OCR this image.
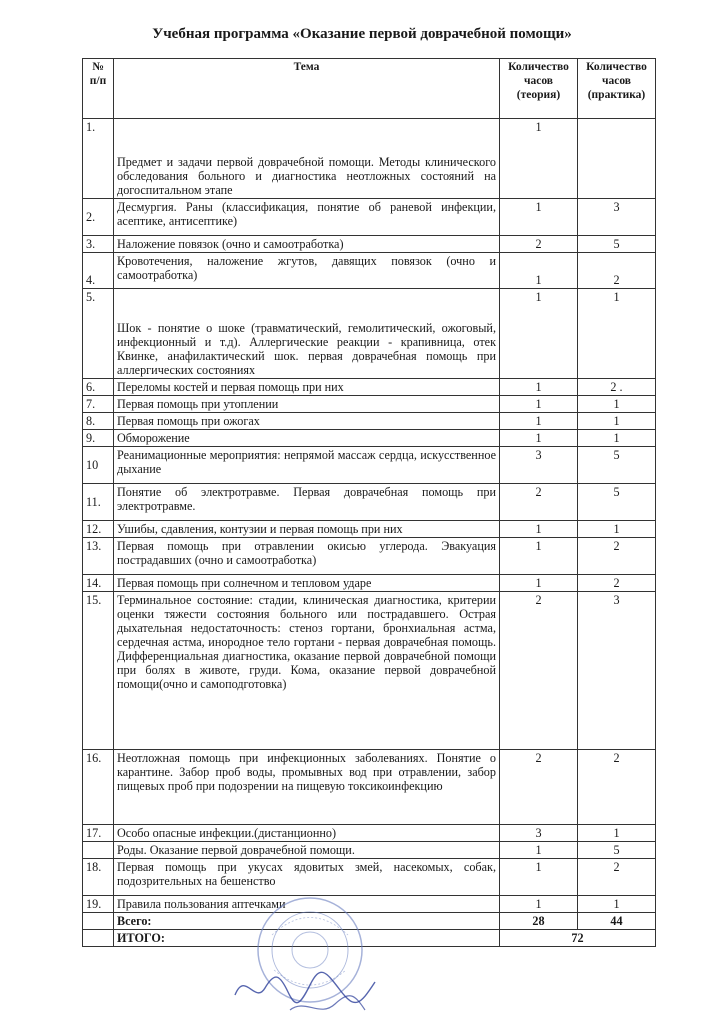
Учебная программа «Оказание первой доврачебной помощи»
№ п/п	Тема	Количество часов (теория)	Количество часов (практика)
1.	Предмет и задачи первой доврачебной помощи. Методы клинического обследования больного и диагностика неотложных состояний на догоспитальном этапе	1	
2.	Десмургия. Раны (классификация, понятие об раневой инфекции, асептике, антисептике)	1	3
3.	Наложение повязок (очно и самоотработка)	2	5
4.	Кровотечения, наложение жгутов, давящих повязок (очно и самоотработка)	1	2
5.	Шок - понятие о шоке (травматический, гемолитический, ожоговый, инфекционный и т.д). Аллергические реакции - крапивница, отек Квинке, анафилактический шок. первая доврачебная помощь при аллергических состояниях	1	1
6.	Переломы костей и первая помощь при них	1	2 .
7.	Первая помощь при утоплении	1	1
8.	Первая помощь при ожогах	1	1
9.	Обморожение	1	1
10	Реанимационные мероприятия: непрямой массаж сердца, искусственное дыхание	3	5
11.	Понятие об электротравме. Первая доврачебная помощь при электротравме.	2	5
12.	Ушибы, сдавления, контузии и первая помощь при них	1	1
13.	Первая помощь при отравлении окисью углерода. Эвакуация пострадавших (очно и самоотработка)	1	2
14.	Первая помощь при солнечном и тепловом ударе	1	2
15.	Терминальное состояние: стадии, клиническая диагностика, критерии оценки тяжести состояния больного или пострадавшего. Острая дыхательная недостаточность: стеноз гортани, бронхиальная астма, сердечная астма, инородное тело гортани - первая доврачебная помощь. Дифференциальная диагностика, оказание первой доврачебной помощи при болях в животе, груди. Кома, оказание первой доврачебной помощи(очно и самоподготовка)	2	3
16.	Неотложная помощь при инфекционных заболеваниях. Понятие о карантине. Забор проб воды, промывных вод при отравлении, забор пищевых проб при подозрении на пищевую токсикоинфекцию	2	2
17.	Особо опасные инфекции.(дистанционно)	3	1
	Роды. Оказание первой доврачебной помощи.	1	5
18.	Первая помощь при укусах ядовитых змей, насекомых, собак, подозрительных на бешенство	1	2
19.	Правила пользования аптечками	1	1
	Всего:	28	44
	ИТОГО:	72	
